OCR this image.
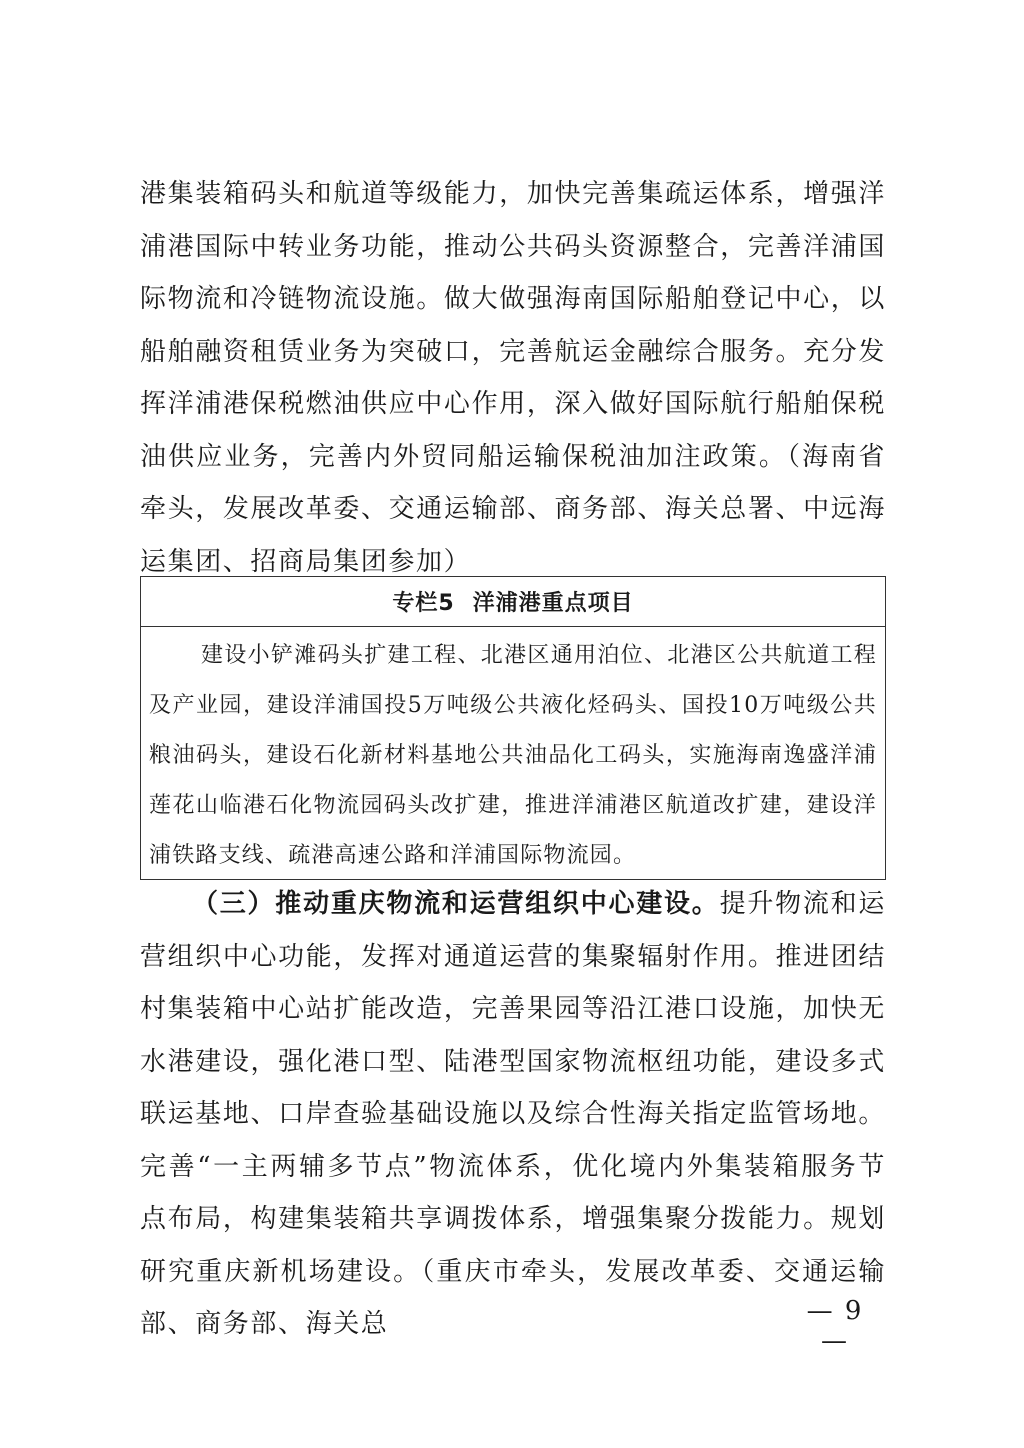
港集装箱码头和航道等级能力，加快完善集疏运体系，增强洋浦港国际中转业务功能，推动公共码头资源整合，完善洋浦国际物流和冷链物流设施。做大做强海南国际船舶登记中心，以船舶融资租赁业务为突破口，完善航运金融综合服务。充分发挥洋浦港保税燃油供应中心作用，深入做好国际航行船舶保税油供应业务，完善内外贸同船运输保税油加注政策。（海南省牵头，发展改革委、交通运输部、商务部、海关总署、中远海运集团、招商局集团参加）

专栏5 洋浦港重点项目

建设小铲滩码头扩建工程、北港区通用泊位、北港区公共航道工程及产业园，建设洋浦国投5万吨级公共液化烃码头、国投10万吨级公共粮油码头，建设石化新材料基地公共油品化工码头，实施海南逸盛洋浦莲花山临港石化物流园码头改扩建，推进洋浦港区航道改扩建，建设洋浦铁路支线、疏港高速公路和洋浦国际物流园。

（三）推动重庆物流和运营组织中心建设。提升物流和运营组织中心功能，发挥对通道运营的集聚辐射作用。推进团结村集装箱中心站扩能改造，完善果园等沿江港口设施，加快无水港建设，强化港口型、陆港型国家物流枢纽功能，建设多式联运基地、口岸查验基础设施以及综合性海关指定监管场地。完善“一主两辅多节点”物流体系，优化境内外集装箱服务节点布局，构建集装箱共享调拨体系，增强集聚分拨能力。规划研究重庆新机场建设。（重庆市牵头，发展改革委、交通运输部、商务部、海关总	— 9 —
